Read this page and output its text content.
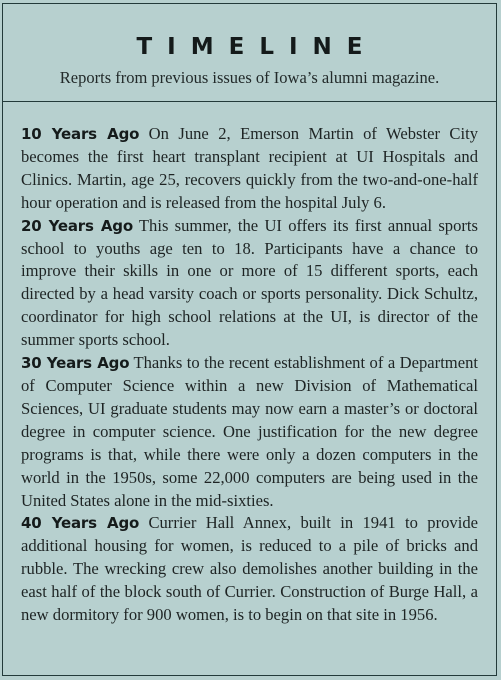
TIMELINE
Reports from previous issues of Iowa’s alumni magazine.

10 Years Ago On June 2, Emerson Martin of Webster City becomes the first heart transplant recipient at UI Hospitals and Clinics. Martin, age 25, recovers quickly from the two-and-one-half hour operation and is released from the hospital July 6.

20 Years Ago This summer, the UI offers its first annual sports school to youths age ten to 18. Participants have a chance to improve their skills in one or more of 15 different sports, each directed by a head varsity coach or sports personality. Dick Schultz, coordinator for high school relations at the UI, is director of the summer sports school.

30 Years Ago Thanks to the recent establishment of a Department of Computer Science within a new Division of Mathematical Sciences, UI graduate students may now earn a master’s or doctoral degree in computer science. One justification for the new degree programs is that, while there were only a dozen computers in the world in the 1950s, some 22,000 computers are being used in the United States alone in the mid-sixties.

40 Years Ago Currier Hall Annex, built in 1941 to provide additional housing for women, is reduced to a pile of bricks and rubble. The wrecking crew also demolishes another building in the east half of the block south of Currier. Construction of Burge Hall, a new dormitory for 900 women, is to begin on that site in 1956.
